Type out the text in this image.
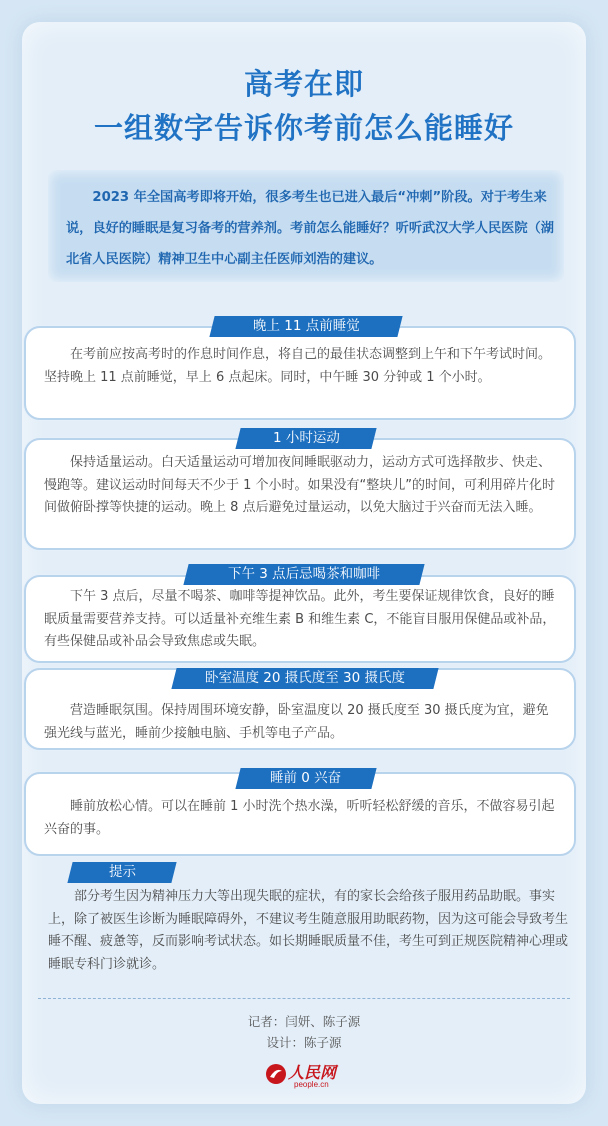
高考在即
一组数字告诉你考前怎么能睡好
2023 年全国高考即将开始，很多考生也已进入最后“冲刺”阶段。对于考生来说，良好的睡眠是复习备考的营养剂。考前怎么能睡好？听听武汉大学人民医院（湖北省人民医院）精神卫生中心副主任医师刘浩的建议。
晚上 11 点前睡觉
在考前应按高考时的作息时间作息，将自己的最佳状态调整到上午和下午考试时间。坚持晚上 11 点前睡觉，早上 6 点起床。同时，中午睡 30 分钟或 1 个小时。
1 小时运动
保持适量运动。白天适量运动可增加夜间睡眠驱动力，运动方式可选择散步、快走、慢跑等。建议运动时间每天不少于 1 个小时。如果没有“整块儿”的时间，可利用碎片化时间做俯卧撑等快捷的运动。晚上 8 点后避免过量运动，以免大脑过于兴奋而无法入睡。
下午 3 点后忌喝茶和咖啡
下午 3 点后，尽量不喝茶、咖啡等提神饮品。此外，考生要保证规律饮食，良好的睡眠质量需要营养支持。可以适量补充维生素 B 和维生素 C，不能盲目服用保健品或补品，有些保健品或补品会导致焦虑或失眠。
卧室温度 20 摄氏度至 30 摄氏度
营造睡眠氛围。保持周围环境安静，卧室温度以 20 摄氏度至 30 摄氏度为宜，避免强光线与蓝光，睡前少接触电脑、手机等电子产品。
睡前 0 兴奋
睡前放松心情。可以在睡前 1 小时洗个热水澡，听听轻松舒缓的音乐，不做容易引起兴奋的事。
提示
部分考生因为精神压力大等出现失眠的症状，有的家长会给孩子服用药品助眠。事实上，除了被医生诊断为睡眠障碍外，不建议考生随意服用助眠药物，因为这可能会导致考生睡不醒、疲惫等，反而影响考试状态。如长期睡眠质量不佳，考生可到正规医院精神心理或睡眠专科门诊就诊。
记者：闫妍、陈子源
设计：陈子源
人民网
people.cn
